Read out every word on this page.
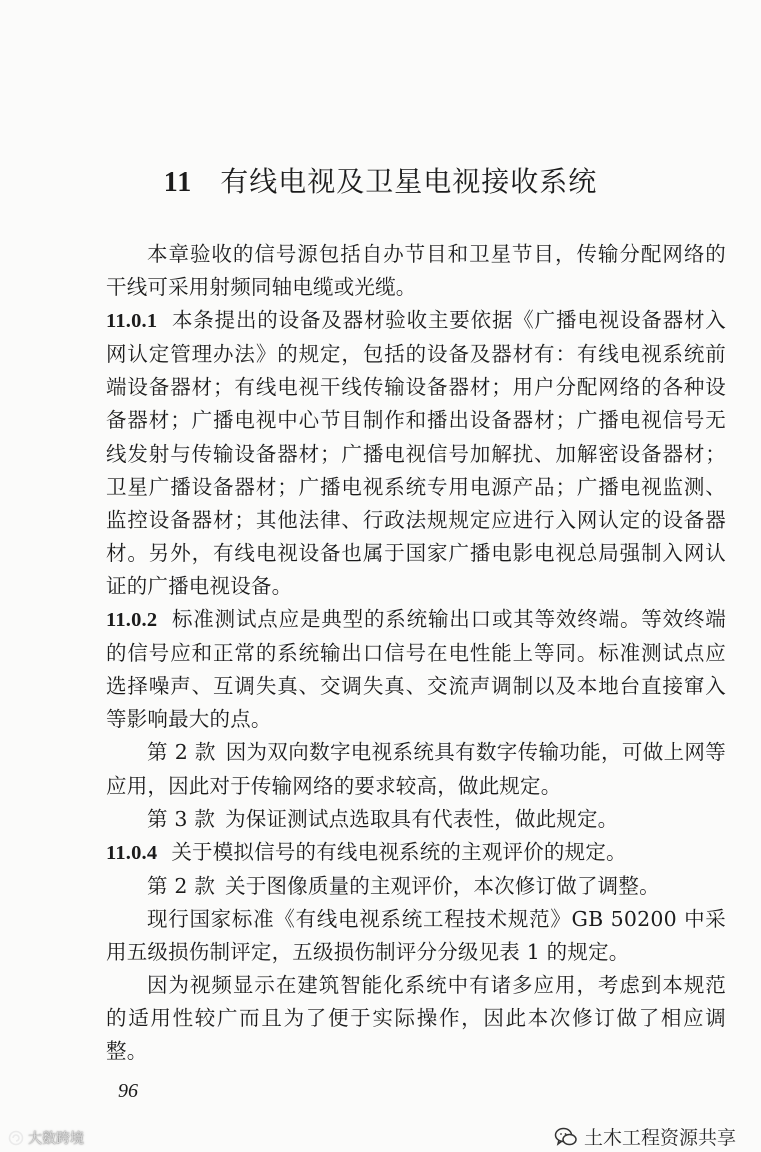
11 有线电视及卫星电视接收系统

本章验收的信号源包括自办节目和卫星节目，传输分配网络的干线可采用射频同轴电缆或光缆。

11.0.1 本条提出的设备及器材验收主要依据《广播电视设备器材入网认定管理办法》的规定，包括的设备及器材有：有线电视系统前端设备器材；有线电视干线传输设备器材；用户分配网络的各种设备器材；广播电视中心节目制作和播出设备器材；广播电视信号无线发射与传输设备器材；广播电视信号加解扰、加解密设备器材；卫星广播设备器材；广播电视系统专用电源产品；广播电视监测、监控设备器材；其他法律、行政法规规定应进行入网认定的设备器材。另外，有线电视设备也属于国家广播电影电视总局强制入网认证的广播电视设备。

11.0.2 标准测试点应是典型的系统输出口或其等效终端。等效终端的信号应和正常的系统输出口信号在电性能上等同。标准测试点应选择噪声、互调失真、交调失真、交流声调制以及本地台直接窜入等影响最大的点。

第 2 款 因为双向数字电视系统具有数字传输功能，可做上网等应用，因此对于传输网络的要求较高，做此规定。

第 3 款 为保证测试点选取具有代表性，做此规定。

11.0.4 关于模拟信号的有线电视系统的主观评价的规定。

第 2 款 关于图像质量的主观评价，本次修订做了调整。

现行国家标准《有线电视系统工程技术规范》GB 50200 中采用五级损伤制评定，五级损伤制评分分级见表 1 的规定。

因为视频显示在建筑智能化系统中有诸多应用，考虑到本规范的适用性较广而且为了便于实际操作，因此本次修订做了相应调整。

96
大数跨境	土木工程资源共享
